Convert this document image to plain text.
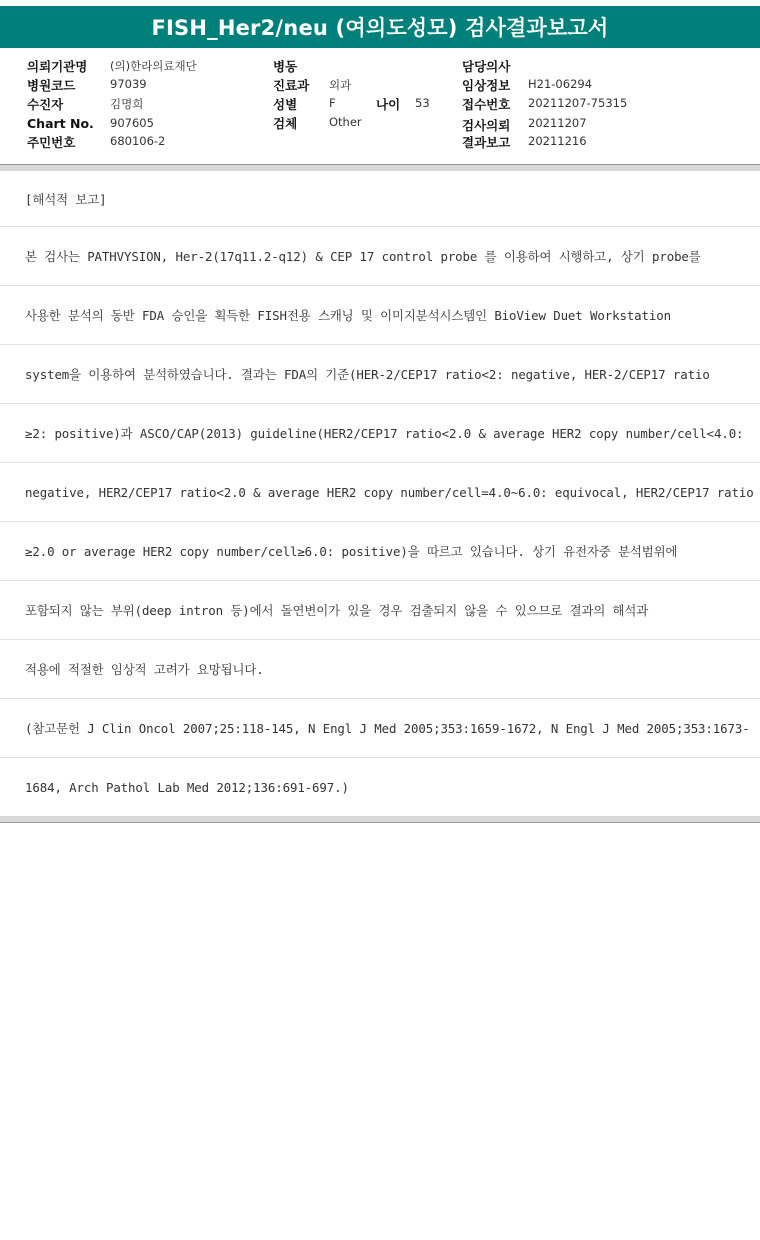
FISH_Her2/neu (여의도성모) 검사결과보고서
의뢰기관명 (의)한라의료재단
병원코드	97039
수진자	김명희
Chart No. 907605
주민번호	680106-2
병동
진료과 외과
성별	F	나이 53
검체	Other
담당의사
임상정보 H21-06294
접수번호 20211207-75315
검사의뢰 20211207
결과보고 20211216
[해석적 보고]
본 검사는 PATHVYSION, Her-2(17q11.2-q12) & CEP 17 control probe 를 이용하여 시행하고, 상기 probe를
사용한 분석의 동반 FDA 승인을 획득한 FISH전용 스캐닝 및 이미지분석시스템인 BioView Duet Workstation
system을 이용하여 분석하였습니다. 결과는 FDA의 기준(HER-2/CEP17 ratio<2: negative, HER-2/CEP17 ratio
≥2: positive)과 ASCO/CAP(2013) guideline(HER2/CEP17 ratio<2.0 & average HER2 copy number/cell<4.0:
negative, HER2/CEP17 ratio<2.0 & average HER2 copy number/cell=4.0~6.0: equivocal, HER2/CEP17 ratio
≥2.0 or average HER2 copy number/cell≥6.0: positive)을 따르고 있습니다. 상기 유전자중 분석범위에
포함되지 않는 부위(deep intron 등)에서 돌연변이가 있을 경우 검출되지 않을 수 있으므로 결과의 해석과
적용에 적절한 임상적 고려가 요망됩니다.
(참고문헌 J Clin Oncol 2007;25:118-145, N Engl J Med 2005;353:1659-1672, N Engl J Med 2005;353:1673-
1684, Arch Pathol Lab Med 2012;136:691-697.)
